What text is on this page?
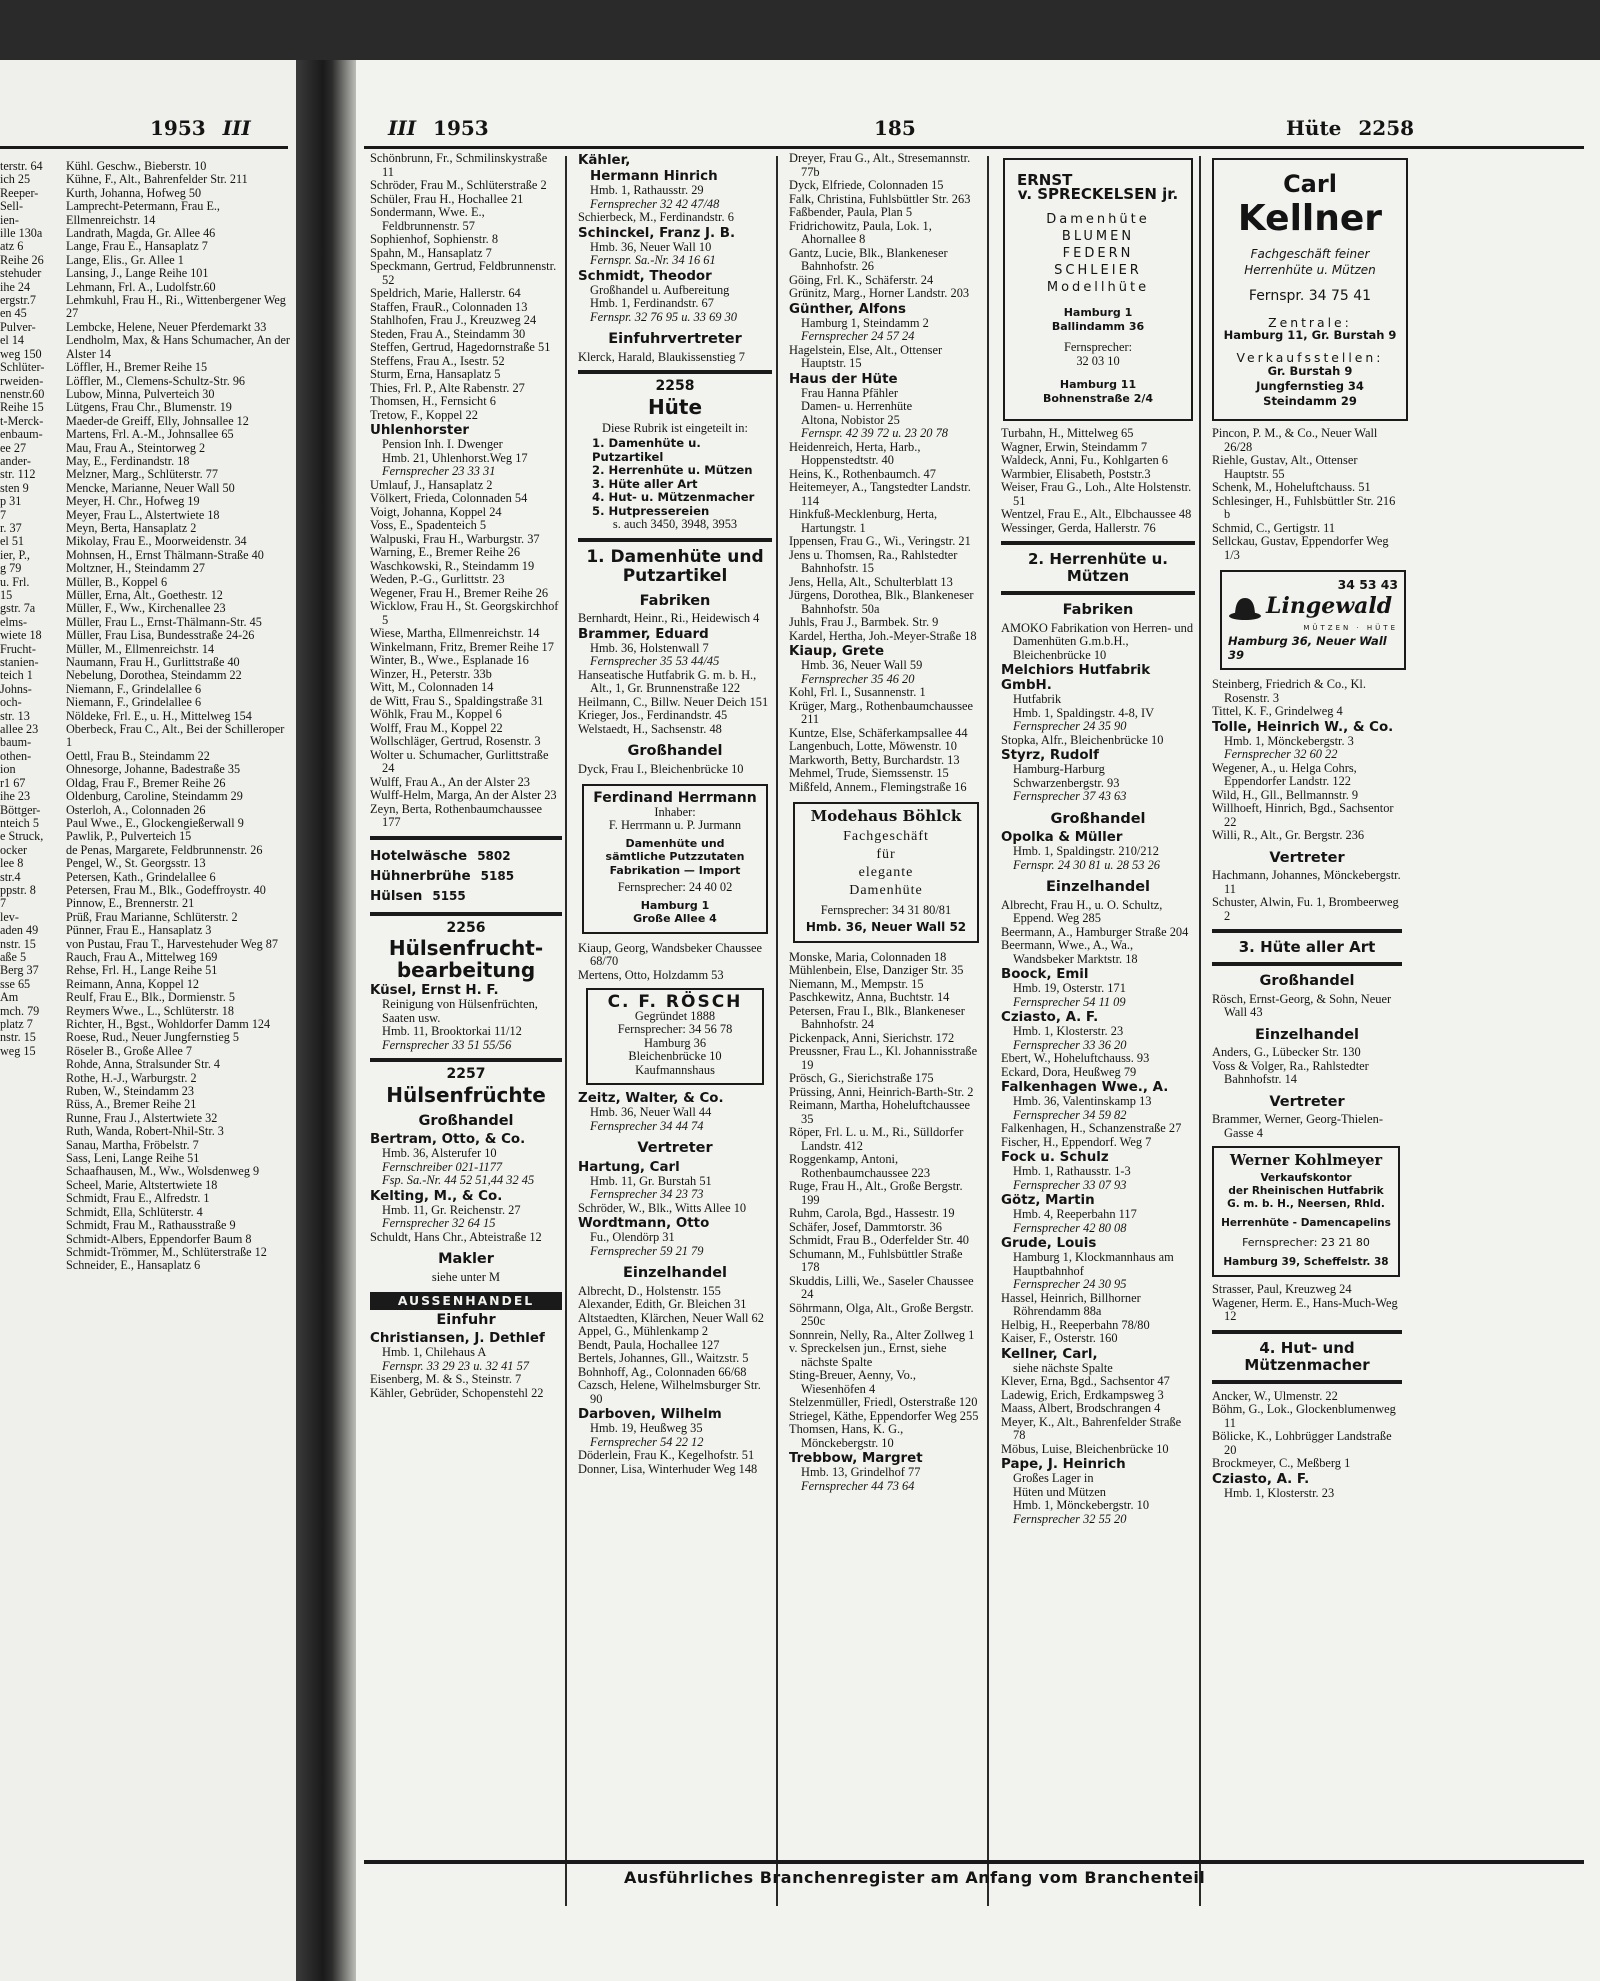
1953 III
terstr. 64
ich 25
Reeper-
Sell-
ien-
ille 130a
atz 6
Reihe 26
stehuder
ihe 24
ergstr.7
en 45
Pulver-
el 14
weg 150
Schlüter-
rweiden-
nenstr.60
Reihe 15
t-Merck-
enbaum-
ee 27
ander-
str. 112
sten 9
p 31
7
r. 37
el 51
ier, P.,
g 79
u. Frl.
15
gstr. 7a
elms-
wiete 18
Frucht-
stanien-
teich 1
Johns-
och-
str. 13
allee 23
baum-
othen-
ion
r1 67
ihe 23
Böttger-
nteich 5
e Struck,
ocker
lee 8
str.4
ppstr. 8
7
lev-
aden 49
nstr. 15
aße 5
Berg 37
sse 65
Am
mch. 79
platz 7
nstr. 15
weg 15
Kühl. Geschw., Bieberstr. 10
Kühne, F., Alt., Bahrenfelder Str. 211
Kurth, Johanna, Hofweg 50
Lamprecht-Petermann, Frau E., Ellmenreichstr. 14
Landrath, Magda, Gr. Allee 46
Lange, Frau E., Hansaplatz 7
Lange, Elis., Gr. Allee 1
Lansing, J., Lange Reihe 101
Lehmann, Frl. A., Ludolfstr.60
Lehmkuhl, Frau H., Ri., Wittenbergener Weg 27
Lembcke, Helene, Neuer Pferdemarkt 33
Lendholm, Max, & Hans Schumacher, An der Alster 14
Löffler, H., Bremer Reihe 15
Löffler, M., Clemens-Schultz-Str. 96
Lubow, Minna, Pulverteich 30
Lütgens, Frau Chr., Blumenstr. 19
Maeder-de Greiff, Elly, Johnsallee 12
Martens, Frl. A.-M., Johnsallee 65
Mau, Frau A., Steintorweg 2
May, E., Ferdinandstr. 18
Melzner, Marg., Schlüterstr. 77
Mencke, Marianne, Neuer Wall 50
Meyer, H. Chr., Hofweg 19
Meyer, Frau L., Alstertwiete 18
Meyn, Berta, Hansaplatz 2
Mikolay, Frau E., Moorweidenstr. 34
Mohnsen, H., Ernst Thälmann-Straße 40
Moltzner, H., Steindamm 27
Müller, B., Koppel 6
Müller, Erna, Alt., Goethestr. 12
Müller, F., Ww., Kirchenallee 23
Müller, Frau L., Ernst-Thälmann-Str. 45
Müller, Frau Lisa, Bundesstraße 24-26
Müller, M., Ellmenreichstr. 14
Naumann, Frau H., Gurlittstraße 40
Nebelung, Dorothea, Steindamm 22
Niemann, F., Grindelallee 6
Niemann, F., Grindelallee 6
Nöldeke, Frl. E., u. H., Mittelweg 154
Oberbeck, Frau C., Alt., Bei der Schilleroper 1
Oettl, Frau B., Steindamm 22
Ohnesorge, Johanne, Badestraße 35
Oldag, Frau F., Bremer Reihe 26
Oldenburg, Caroline, Steindamm 29
Osterloh, A., Colonnaden 26
Paul Wwe., E., Glockengießerwall 9
Pawlik, P., Pulverteich 15
de Penas, Margarete, Feldbrunnenstr. 26
Pengel, W., St. Georgsstr. 13
Petersen, Kath., Grindelallee 6
Petersen, Frau M., Blk., Godeffroystr. 40
Pinnow, E., Brennerstr. 21
Prüß, Frau Marianne, Schlüterstr. 2
Pünner, Frau E., Hansaplatz 3
von Pustau, Frau T., Harvestehuder Weg 87
Rauch, Frau A., Mittelweg 169
Rehse, Frl. H., Lange Reihe 51
Reimann, Anna, Koppel 12
Reulf, Frau E., Blk., Dormienstr. 5
Reymers Wwe., L., Schlüterstr. 18
Richter, H., Bgst., Wohldorfer Damm 124
Roese, Rud., Neuer Jungfernstieg 5
Röseler B., Große Allee 7
Rohde, Anna, Stralsunder Str. 4
Rothe, H.-J., Warburgstr. 2
Ruben, W., Steindamm 23
Rüss, A., Bremer Reihe 21
Runne, Frau J., Alstertwiete 32
Ruth, Wanda, Robert-Nhil-Str. 3
Sanau, Martha, Fröbelstr. 7
Sass, Leni, Lange Reihe 51
Schaafhausen, M., Ww., Wolsdenweg 9
Scheel, Marie, Altstertwiete 18
Schmidt, Frau E., Alfredstr. 1
Schmidt, Ella, Schlüterstr. 4
Schmidt, Frau M., Rathausstraße 9
Schmidt-Albers, Eppendorfer Baum 8
Schmidt-Trömmer, M., Schlüterstraße 12
Schneider, E., Hansaplatz 6
III 1953	185	Hüte 2258
Schönbrunn, Fr., Schmilinskystraße 11
Schröder, Frau M., Schlüterstraße 2
Schüler, Frau H., Hochallee 21
Sondermann, Wwe. E., Feldbrunnenstr. 57
Sophienhof, Sophienstr. 8
Spahn, M., Hansaplatz 7
Speckmann, Gertrud, Feldbrunnenstr. 52
Speldrich, Marie, Hallerstr. 64
Staffen, FrauR., Colonnaden 13
Stahlhofen, Frau J., Kreuzweg 24
Steden, Frau A., Steindamm 30
Steffen, Gertrud, Hagedornstraße 51
Steffens, Frau A., Isestr. 52
Sturm, Erna, Hansaplatz 5
Thies, Frl. P., Alte Rabenstr. 27
Thomsen, H., Fernsicht 6
Tretow, F., Koppel 22
Uhlenhorster
Pension Inh. I. Dwenger
Hmb. 21, Uhlenhorst.Weg 17
Fernsprecher 23 33 31
Umlauf, J., Hansaplatz 2
Völkert, Frieda, Colonnaden 54
Voigt, Johanna, Koppel 24
Voss, E., Spadenteich 5
Walpuski, Frau H., Warburgstr. 37
Warning, E., Bremer Reihe 26
Waschkowski, R., Steindamm 19
Weden, P.-G., Gurlittstr. 23
Wegener, Frau H., Bremer Reihe 26
Wicklow, Frau H., St. Georgskirchhof 5
Wiese, Martha, Ellmenreichstr. 14
Winkelmann, Fritz, Bremer Reihe 17
Winter, B., Wwe., Esplanade 16
Winzer, H., Peterstr. 33b
Witt, M., Colonnaden 14
de Witt, Frau S., Spaldingstraße 31
Wöhlk, Frau M., Koppel 6
Wolff, Frau M., Koppel 22
Wollschläger, Gertrud, Rosenstr. 3
Wolter u. Schumacher, Gurlittstraße 24
Wulff, Frau A., An der Alster 23
Wulff-Helm, Marga, An der Alster 23
Zeyn, Berta, Rothenbaumchaussee 177
Hotelwäsche 5802
Hühnerbrühe 5185
Hülsen 5155
2256
Hülsenfrucht-bearbeitung
Küsel, Ernst H. F.
Reinigung von Hülsenfrüchten, Saaten usw.
Hmb. 11, Brooktorkai 11/12
Fernsprecher 33 51 55/56
2257
Hülsenfrüchte
Großhandel
Bertram, Otto, & Co.
Hmb. 36, Alsterufer 10
Fernschreiber 021-1177
Fsp. Sa.-Nr. 44 52 51,44 32 45
Kelting, M., & Co.
Hmb. 11, Gr. Reichenstr. 27
Fernsprecher 32 64 15
Schuldt, Hans Chr., Abteistraße 12
Makler
siehe unter M
AUSSENHANDEL
Einfuhr
Christiansen, J. Dethlef
Hmb. 1, Chilehaus A
Fernspr. 33 29 23 u. 32 41 57
Eisenberg, M. & S., Steinstr. 7
Kähler, Gebrüder, Schopenstehl 22
Kähler,
Hermann Hinrich
Hmb. 1, Rathausstr. 29
Fernsprecher 32 42 47/48
Schierbeck, M., Ferdinandstr. 6
Schinckel, Franz J. B.
Hmb. 36, Neuer Wall 10
Fernspr. Sa.-Nr. 34 16 61
Schmidt, Theodor
Großhandel u. Aufbereitung
Hmb. 1, Ferdinandstr. 67
Fernspr. 32 76 95 u. 33 69 30
Einfuhrvertreter
Klerck, Harald, Blaukissenstieg 7
2258
Hüte
Diese Rubrik ist eingeteilt in:
1. Damenhüte u. Putzartikel
2. Herrenhüte u. Mützen
3. Hüte aller Art
4. Hut- u. Mützenmacher
5. Hutpressereien
s. auch 3450, 3948, 3953
1. Damenhüte und Putzartikel
Fabriken
Bernhardt, Heinr., Ri., Heidewisch 4
Brammer, Eduard
Hmb. 36, Holstenwall 7
Fernsprecher 35 53 44/45
Hanseatische Hutfabrik G. m. b. H., Alt., 1, Gr. Brunnenstraße 122
Heilmann, C., Billw. Neuer Deich 151
Krieger, Jos., Ferdinandstr. 45
Welstaedt, H., Sachsenstr. 48
Großhandel
Dyck, Frau I., Bleichenbrücke 10
Ferdinand Herrmann
Inhaber:
F. Herrmann u. P. Jurmann
Damenhüte und
sämtliche Putzzutaten
Fabrikation — Import
Fernsprecher: 24 40 02
Hamburg 1
Große Allee 4
Kiaup, Georg, Wandsbeker Chaussee 68/70
Mertens, Otto, Holzdamm 53
C. F. RÖSCH
Gegründet 1888
Fernsprecher: 34 56 78
Hamburg 36
Bleichenbrücke 10
Kaufmannshaus
Zeitz, Walter, & Co.
Hmb. 36, Neuer Wall 44
Fernsprecher 34 44 74
Vertreter
Hartung, Carl
Hmb. 11, Gr. Burstah 51
Fernsprecher 34 23 73
Schröder, W., Blk., Witts Allee 10
Wordtmann, Otto
Fu., Olendörp 31
Fernsprecher 59 21 79
Einzelhandel
Albrecht, D., Holstenstr. 155
Alexander, Edith, Gr. Bleichen 31
Altstaedten, Klärchen, Neuer Wall 62
Appel, G., Mühlenkamp 2
Bendt, Paula, Hochallee 127
Bertels, Johannes, Gll., Waitzstr. 5
Bohnhoff, Ag., Colonnaden 66/68
Cazsch, Helene, Wilhelmsburger Str. 90
Darboven, Wilhelm
Hmb. 19, Heußweg 35
Fernsprecher 54 22 12
Döderlein, Frau K., Kegelhofstr. 51
Donner, Lisa, Winterhuder Weg 148
Dreyer, Frau G., Alt., Stresemannstr. 77b
Dyck, Elfriede, Colonnaden 15
Falk, Christina, Fuhlsbüttler Str. 263
Faßbender, Paula, Plan 5
Fridrichowitz, Paula, Lok. 1, Ahornallee 8
Gantz, Lucie, Blk., Blankeneser Bahnhofstr. 26
Göing, Frl. K., Schäferstr. 24
Grünitz, Marg., Horner Landstr. 203
Günther, Alfons
Hamburg 1, Steindamm 2
Fernsprecher 24 57 24
Hagelstein, Else, Alt., Ottenser Hauptstr. 15
Haus der Hüte
Frau Hanna Pfähler
Damen- u. Herrenhüte
Altona, Nobistor 25
Fernspr. 42 39 72 u. 23 20 78
Heidenreich, Herta, Harb., Hoppenstedtstr. 40
Heins, K., Rothenbaumch. 47
Heitemeyer, A., Tangstedter Landstr. 114
Hinkfuß-Mecklenburg, Herta, Hartungstr. 1
Ippensen, Frau G., Wi., Veringstr. 21
Jens u. Thomsen, Ra., Rahlstedter Bahnhofstr. 15
Jens, Hella, Alt., Schulterblatt 13
Jürgens, Dorothea, Blk., Blankeneser Bahnhofstr. 50a
Juhls, Frau J., Barmbek. Str. 9
Kardel, Hertha, Joh.-Meyer-Straße 18
Kiaup, Grete
Hmb. 36, Neuer Wall 59
Fernsprecher 35 46 20
Kohl, Frl. I., Susannenstr. 1
Krüger, Marg., Rothenbaumchaussee 211
Kuntze, Else, Schäferkampsallee 44
Langenbuch, Lotte, Möwenstr. 10
Markworth, Betty, Burchardstr. 13
Mehmel, Trude, Siemssenstr. 15
Mißfeld, Annem., Flemingstraße 16
Modehaus Böhlck
Fachgeschäft
für
elegante
Damenhüte
Fernsprecher: 34 31 80/81
Hmb. 36, Neuer Wall 52
Monske, Maria, Colonnaden 18
Mühlenbein, Else, Danziger Str. 35
Niemann, M., Mempstr. 15
Paschkewitz, Anna, Buchtstr. 14
Petersen, Frau I., Blk., Blankeneser Bahnhofstr. 24
Pickenpack, Anni, Sierichstr. 172
Preussner, Frau L., Kl. Johannisstraße 19
Prösch, G., Sierichstraße 175
Prüssing, Anni, Heinrich-Barth-Str. 2
Reimann, Martha, Hoheluftchaussee 35
Röper, Frl. L. u. M., Ri., Sülldorfer Landstr. 412
Roggenkamp, Antoni, Rothenbaumchaussee 223
Ruge, Frau H., Alt., Große Bergstr. 199
Ruhm, Carola, Bgd., Hassestr. 19
Schäfer, Josef, Dammtorstr. 36
Schmidt, Frau B., Oderfelder Str. 40
Schumann, M., Fuhlsbüttler Straße 178
Skuddis, Lilli, We., Saseler Chaussee 24
Söhrmann, Olga, Alt., Große Bergstr. 250c
Sonnrein, Nelly, Ra., Alter Zollweg 1
v. Spreckelsen jun., Ernst, siehe nächste Spalte
Sting-Breuer, Aenny, Vo., Wiesenhöfen 4
Stelzenmüller, Friedl, Osterstraße 120
Striegel, Käthe, Eppendorfer Weg 255
Thomsen, Hans, K. G., Mönckebergstr. 10
Trebbow, Margret
Hmb. 13, Grindelhof 77
Fernsprecher 44 73 64
ERNST
v. SPRECKELSEN jr.
Damenhüte
BLUMEN
FEDERN
SCHLEIER
Modellhüte
Hamburg 1
Ballindamm 36
Fernsprecher:
32 03 10
Hamburg 11
Bohnenstraße 2/4
Turbahn, H., Mittelweg 65
Wagner, Erwin, Steindamm 7
Waldeck, Anni, Fu., Kohlgarten 6
Warmbier, Elisabeth, Poststr.3
Weiser, Frau G., Loh., Alte Holstenstr. 51
Wentzel, Frau E., Alt., Elbchaussee 48
Wessinger, Gerda, Hallerstr. 76
2. Herrenhüte u. Mützen
Fabriken
AMOKO Fabrikation von Herren- und Damenhüten G.m.b.H., Bleichenbrücke 10
Melchiors Hutfabrik GmbH.
Hutfabrik
Hmb. 1, Spaldingstr. 4-8, IV
Fernsprecher 24 35 90
Stopka, Alfr., Bleichenbrücke 10
Styrz, Rudolf
Hamburg-Harburg
Schwarzenbergstr. 93
Fernsprecher 37 43 63
Großhandel
Opolka & Müller
Hmb. 1, Spaldingstr. 210/212
Fernspr. 24 30 81 u. 28 53 26
Einzelhandel
Albrecht, Frau H., u. O. Schultz, Eppend. Weg 285
Beermann, A., Hamburger Straße 204
Beermann, Wwe., A., Wa., Wandsbeker Marktstr. 18
Boock, Emil
Hmb. 19, Osterstr. 171
Fernsprecher 54 11 09
Cziasto, A. F.
Hmb. 1, Klosterstr. 23
Fernsprecher 33 36 20
Ebert, W., Hoheluftchauss. 93
Eckard, Dora, Heußweg 79
Falkenhagen Wwe., A.
Hmb. 36, Valentinskamp 13
Fernsprecher 34 59 82
Falkenhagen, H., Schanzenstraße 27
Fischer, H., Eppendorf. Weg 7
Fock u. Schulz
Hmb. 1, Rathausstr. 1-3
Fernsprecher 33 07 93
Götz, Martin
Hmb. 4, Reeperbahn 117
Fernsprecher 42 80 08
Grude, Louis
Hamburg 1, Klockmannhaus am Hauptbahnhof
Fernsprecher 24 30 95
Hassel, Heinrich, Billhorner Röhrendamm 88a
Helbig, H., Reeperbahn 78/80
Kaiser, F., Osterstr. 160
Kellner, Carl,
siehe nächste Spalte
Klever, Erna, Bgd., Sachsentor 47
Ladewig, Erich, Erdkampsweg 3
Maass, Albert, Brodschrangen 4
Meyer, K., Alt., Bahrenfelder Straße 78
Möbus, Luise, Bleichenbrücke 10
Pape, J. Heinrich
Großes Lager in
Hüten und Mützen
Hmb. 1, Mönckebergstr. 10
Fernsprecher 32 55 20
Carl
Kellner
Fachgeschäft feiner
Herrenhüte u. Mützen
Fernspr. 34 75 41
Zentrale:
Hamburg 11, Gr. Burstah 9
Verkaufsstellen:
Gr. Burstah 9
Jungfernstieg 34
Steindamm 29
Pincon, P. M., & Co., Neuer Wall 26/28
Riehle, Gustav, Alt., Ottenser Hauptstr. 55
Schenk, M., Hoheluftchauss. 51
Schlesinger, H., Fuhlsbüttler Str. 216 b
Schmid, C., Gertigstr. 11
Sellckau, Gustav, Eppendorfer Weg 1/3
34 53 43
Lingewald
MÜTZEN · HÜTE
Hamburg 36, Neuer Wall 39
Steinberg, Friedrich & Co., Kl. Rosenstr. 3
Tittel, K. F., Grindelweg 4
Tolle, Heinrich W., & Co.
Hmb. 1, Mönckebergstr. 3
Fernsprecher 32 60 22
Wegener, A., u. Helga Cohrs, Eppendorfer Landstr. 122
Wild, H., Gll., Bellmannstr. 9
Willhoeft, Hinrich, Bgd., Sachsentor 22
Willi, R., Alt., Gr. Bergstr. 236
Vertreter
Hachmann, Johannes, Mönckebergstr. 11
Schuster, Alwin, Fu. 1, Brombeerweg 2
3. Hüte aller Art
Großhandel
Rösch, Ernst-Georg, & Sohn, Neuer Wall 43
Einzelhandel
Anders, G., Lübecker Str. 130
Voss & Volger, Ra., Rahlstedter Bahnhofstr. 14
Vertreter
Brammer, Werner, Georg-Thielen-Gasse 4
Werner Kohlmeyer
Verkaufskontor
der Rheinischen Hutfabrik
G. m. b. H., Neersen, Rhld.
Herrenhüte - Damencapelins
Fernsprecher: 23 21 80
Hamburg 39, Scheffelstr. 38
Strasser, Paul, Kreuzweg 24
Wagener, Herm. E., Hans-Much-Weg 12
4. Hut- und Mützenmacher
Ancker, W., Ulmenstr. 22
Böhm, G., Lok., Glockenblumenweg 11
Bölicke, K., Lohbrügger Landstraße 20
Brockmeyer, C., Meßberg 1
Cziasto, A. F.
Hmb. 1, Klosterstr. 23
Ausführliches Branchenregister am Anfang vom Branchenteil
